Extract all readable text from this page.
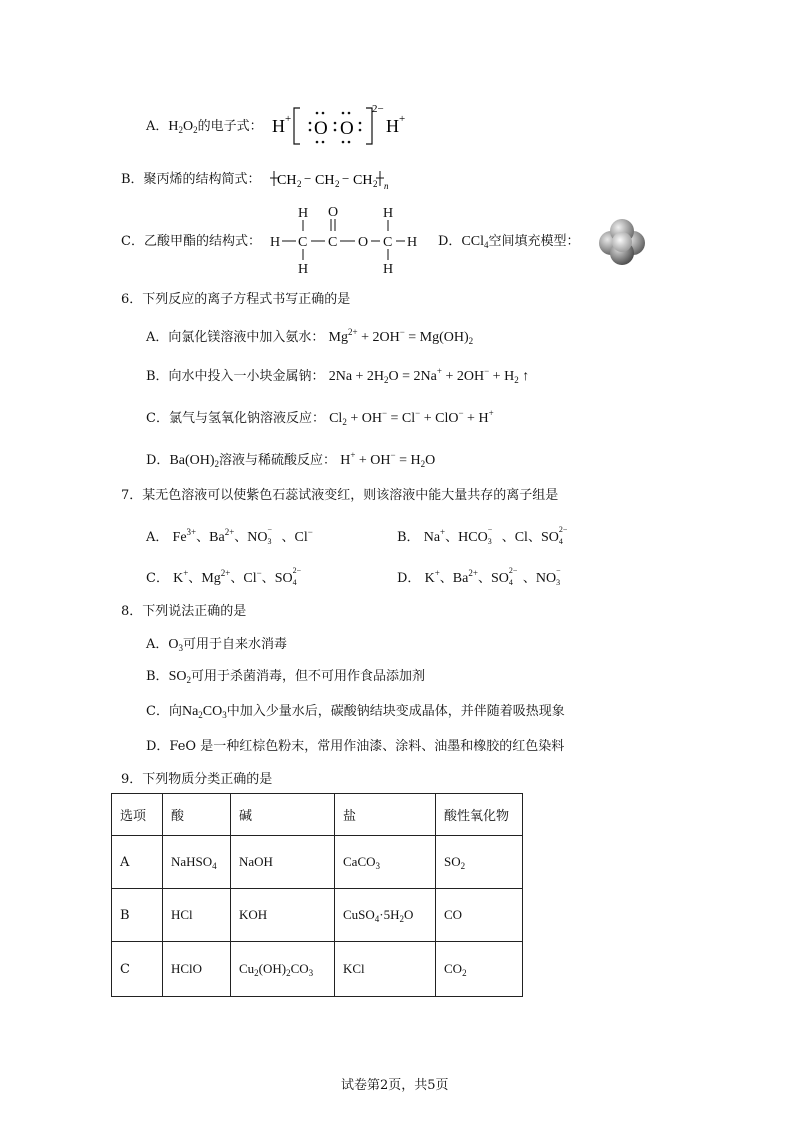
A．$H_2O_2$的电子式： H + O O
2−
H +
B．聚丙烯的结构简式： CH 2 − CH 2 − CH 2 n
C．乙酸甲酯的结构式： H C C O C H
H
H
O	H
H
D．CCl$_4$空间填充模型：
6．下列反应的离子方程式书写正确的是
A．向氯化镁溶液中加入氨水： $Mg^{2+} + 2OH^- = Mg(OH)_2$
B．向水中投入一小块金属钠： $2Na + 2H_2O = 2Na^+ + 2OH^- + H_2$ ↑
C．氯气与氢氧化钠溶液反应： $Cl_2 + OH^- = Cl^- + ClO^- + H^+$
D．$Ba(OH)_2$溶液与稀硫酸反应： $H^+ + OH^- = H_2O$
7．某无色溶液可以使紫色石蕊试液变红，则该溶液中能大量共存的离子组是
A． $Fe^{3+}$、$Ba^{2+}$、NO
−
3 、Cl−	B． Na+、HCO
−
3 、Cl、SO
2−
4
C． K+、$Mg^{2+}$、Cl−、SO
2−
4	D． K+、$Ba^{2+}$、SO
2−
4 、NO
−
3
8．下列说法正确的是
A．$O_3$可用于自来水消毒
B．$SO_2$可用于杀菌消毒，但不可用作食品添加剂
C．向$Na_2CO_3$中加入少量水后，碳酸钠结块变成晶体，并伴随着吸热现象
D．FeO 是一种红棕色粉末，常用作油漆、涂料、油墨和橡胶的红色染料
9．下列物质分类正确的是
选项	酸	碱	盐	酸性氧化物
A	NaHSO$_4$	NaOH	CaCO$_3$	$SO_2$
B	HCl	KOH	$CuSO_4\cdot 5H_2O$	CO
C	HClO	$Cu_2(OH)_2CO_3$	KCl	$CO_2$
试卷第2页，共5页
